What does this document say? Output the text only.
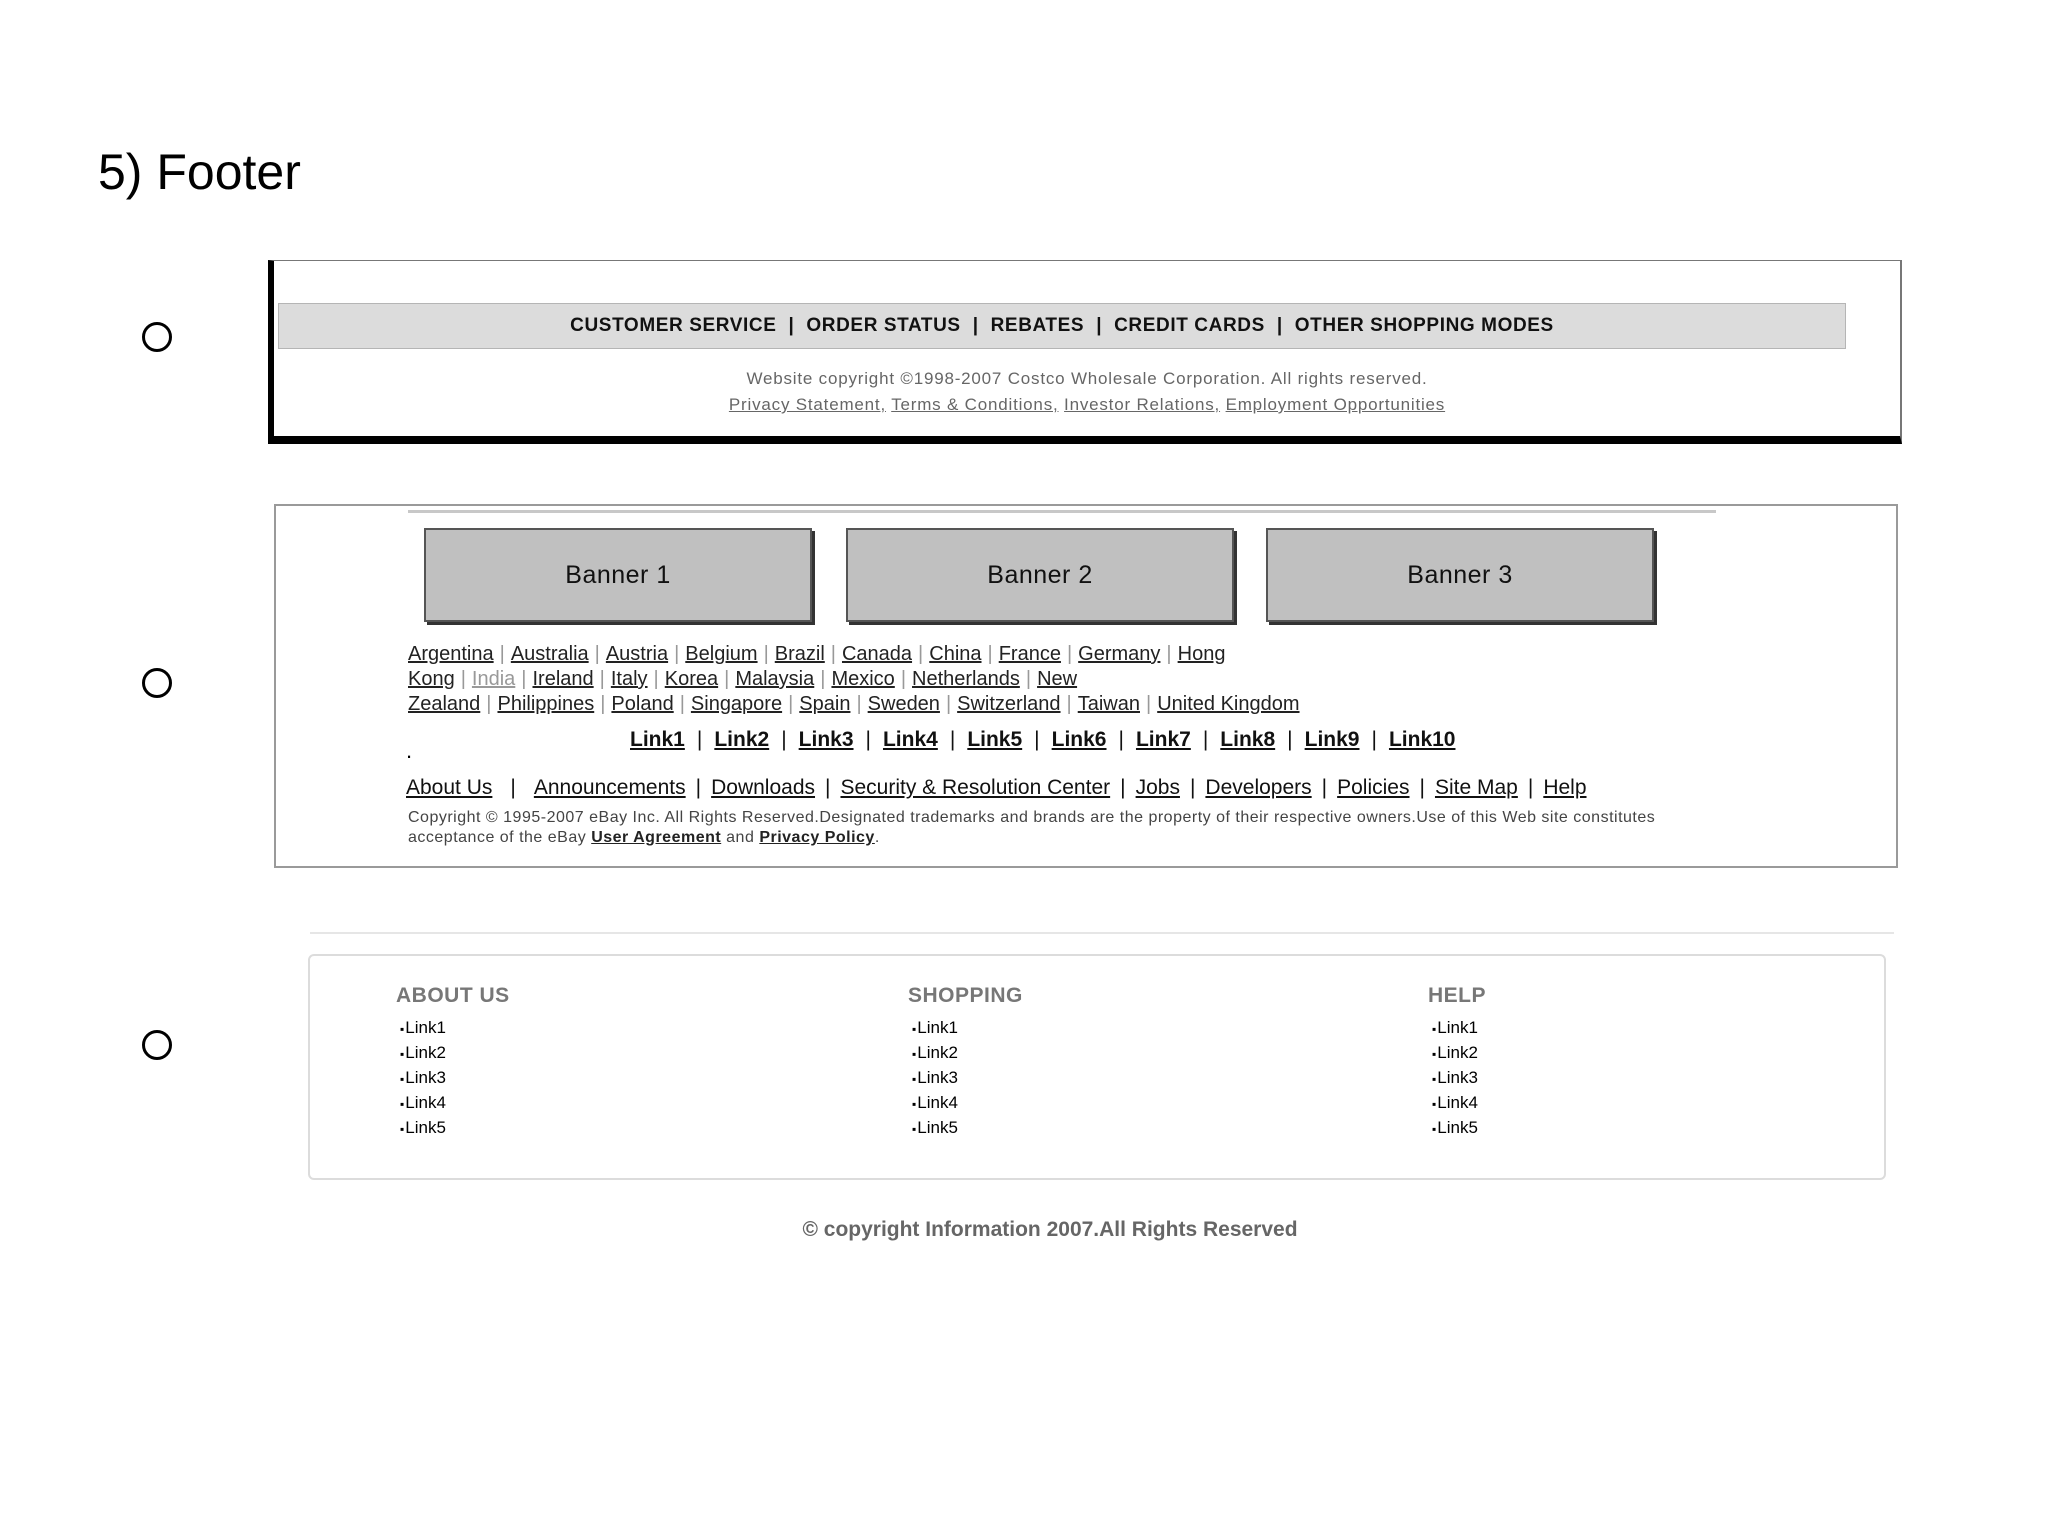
5) Footer
CUSTOMER SERVICE | ORDER STATUS | REBATES | CREDIT CARDS | OTHER SHOPPING MODES
Website copyright ©1998-2007 Costco Wholesale Corporation. All rights reserved.
Privacy Statement, Terms & Conditions, Investor Relations, Employment Opportunities
Banner 1	Banner 2	Banner 3
Argentina | Australia | Austria | Belgium | Brazil | Canada | China | France | Germany | Hong Kong | India | Ireland | Italy | Korea | Malaysia | Mexico | Netherlands | New Zealand | Philippines | Poland | Singapore | Spain | Sweden | Switzerland | Taiwan | United Kingdom
.	Link1 | Link2 | Link3 | Link4 | Link5 | Link6 | Link7 | Link8 | Link9 | Link10
About Us | Announcements | Downloads | Security & Resolution Center | Jobs | Developers | Policies | Site Map | Help
Copyright © 1995-2007 eBay Inc. All Rights Reserved.Designated trademarks and brands are the property of their respective owners.Use of this Web site constitutes acceptance of the eBay User Agreement and Privacy Policy.
ABOUT US
▪ Link1
▪ Link2
▪ Link3
▪ Link4
▪ Link5
SHOPPING
▪ Link1
▪ Link2
▪ Link3
▪ Link4
▪ Link5
HELP
▪ Link1
▪ Link2
▪ Link3
▪ Link4
▪ Link5
© copyright Information 2007.All Rights Reserved
